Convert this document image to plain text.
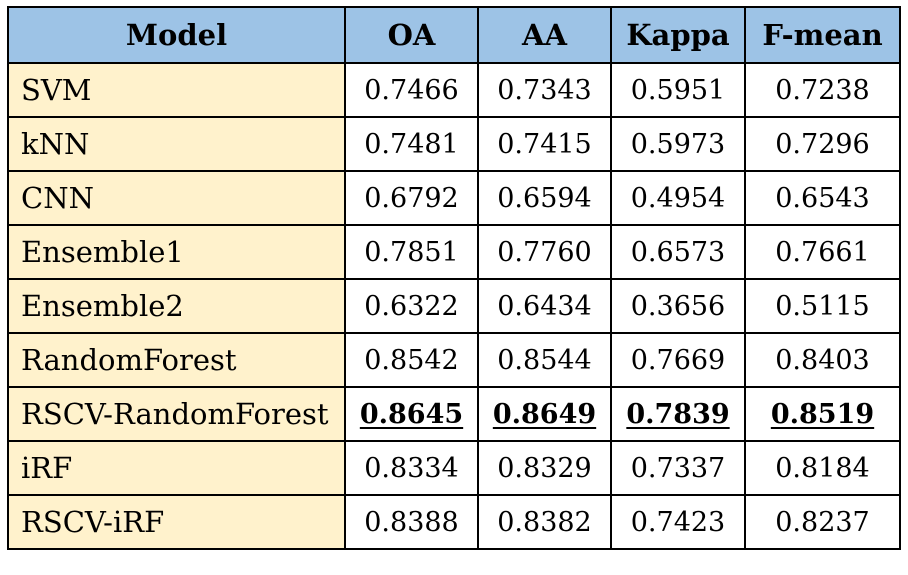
Model	OA	AA	Kappa	F-mean
SVM	0.7466	0.7343	0.5951	0.7238
kNN	0.7481	0.7415	0.5973	0.7296
CNN	0.6792	0.6594	0.4954	0.6543
Ensemble1	0.7851	0.7760	0.6573	0.7661
Ensemble2	0.6322	0.6434	0.3656	0.5115
RandomForest	0.8542	0.8544	0.7669	0.8403
RSCV-RandomForest	0.8645	0.8649	0.7839	0.8519
iRF	0.8334	0.8329	0.7337	0.8184
RSCV-iRF	0.8388	0.8382	0.7423	0.8237
